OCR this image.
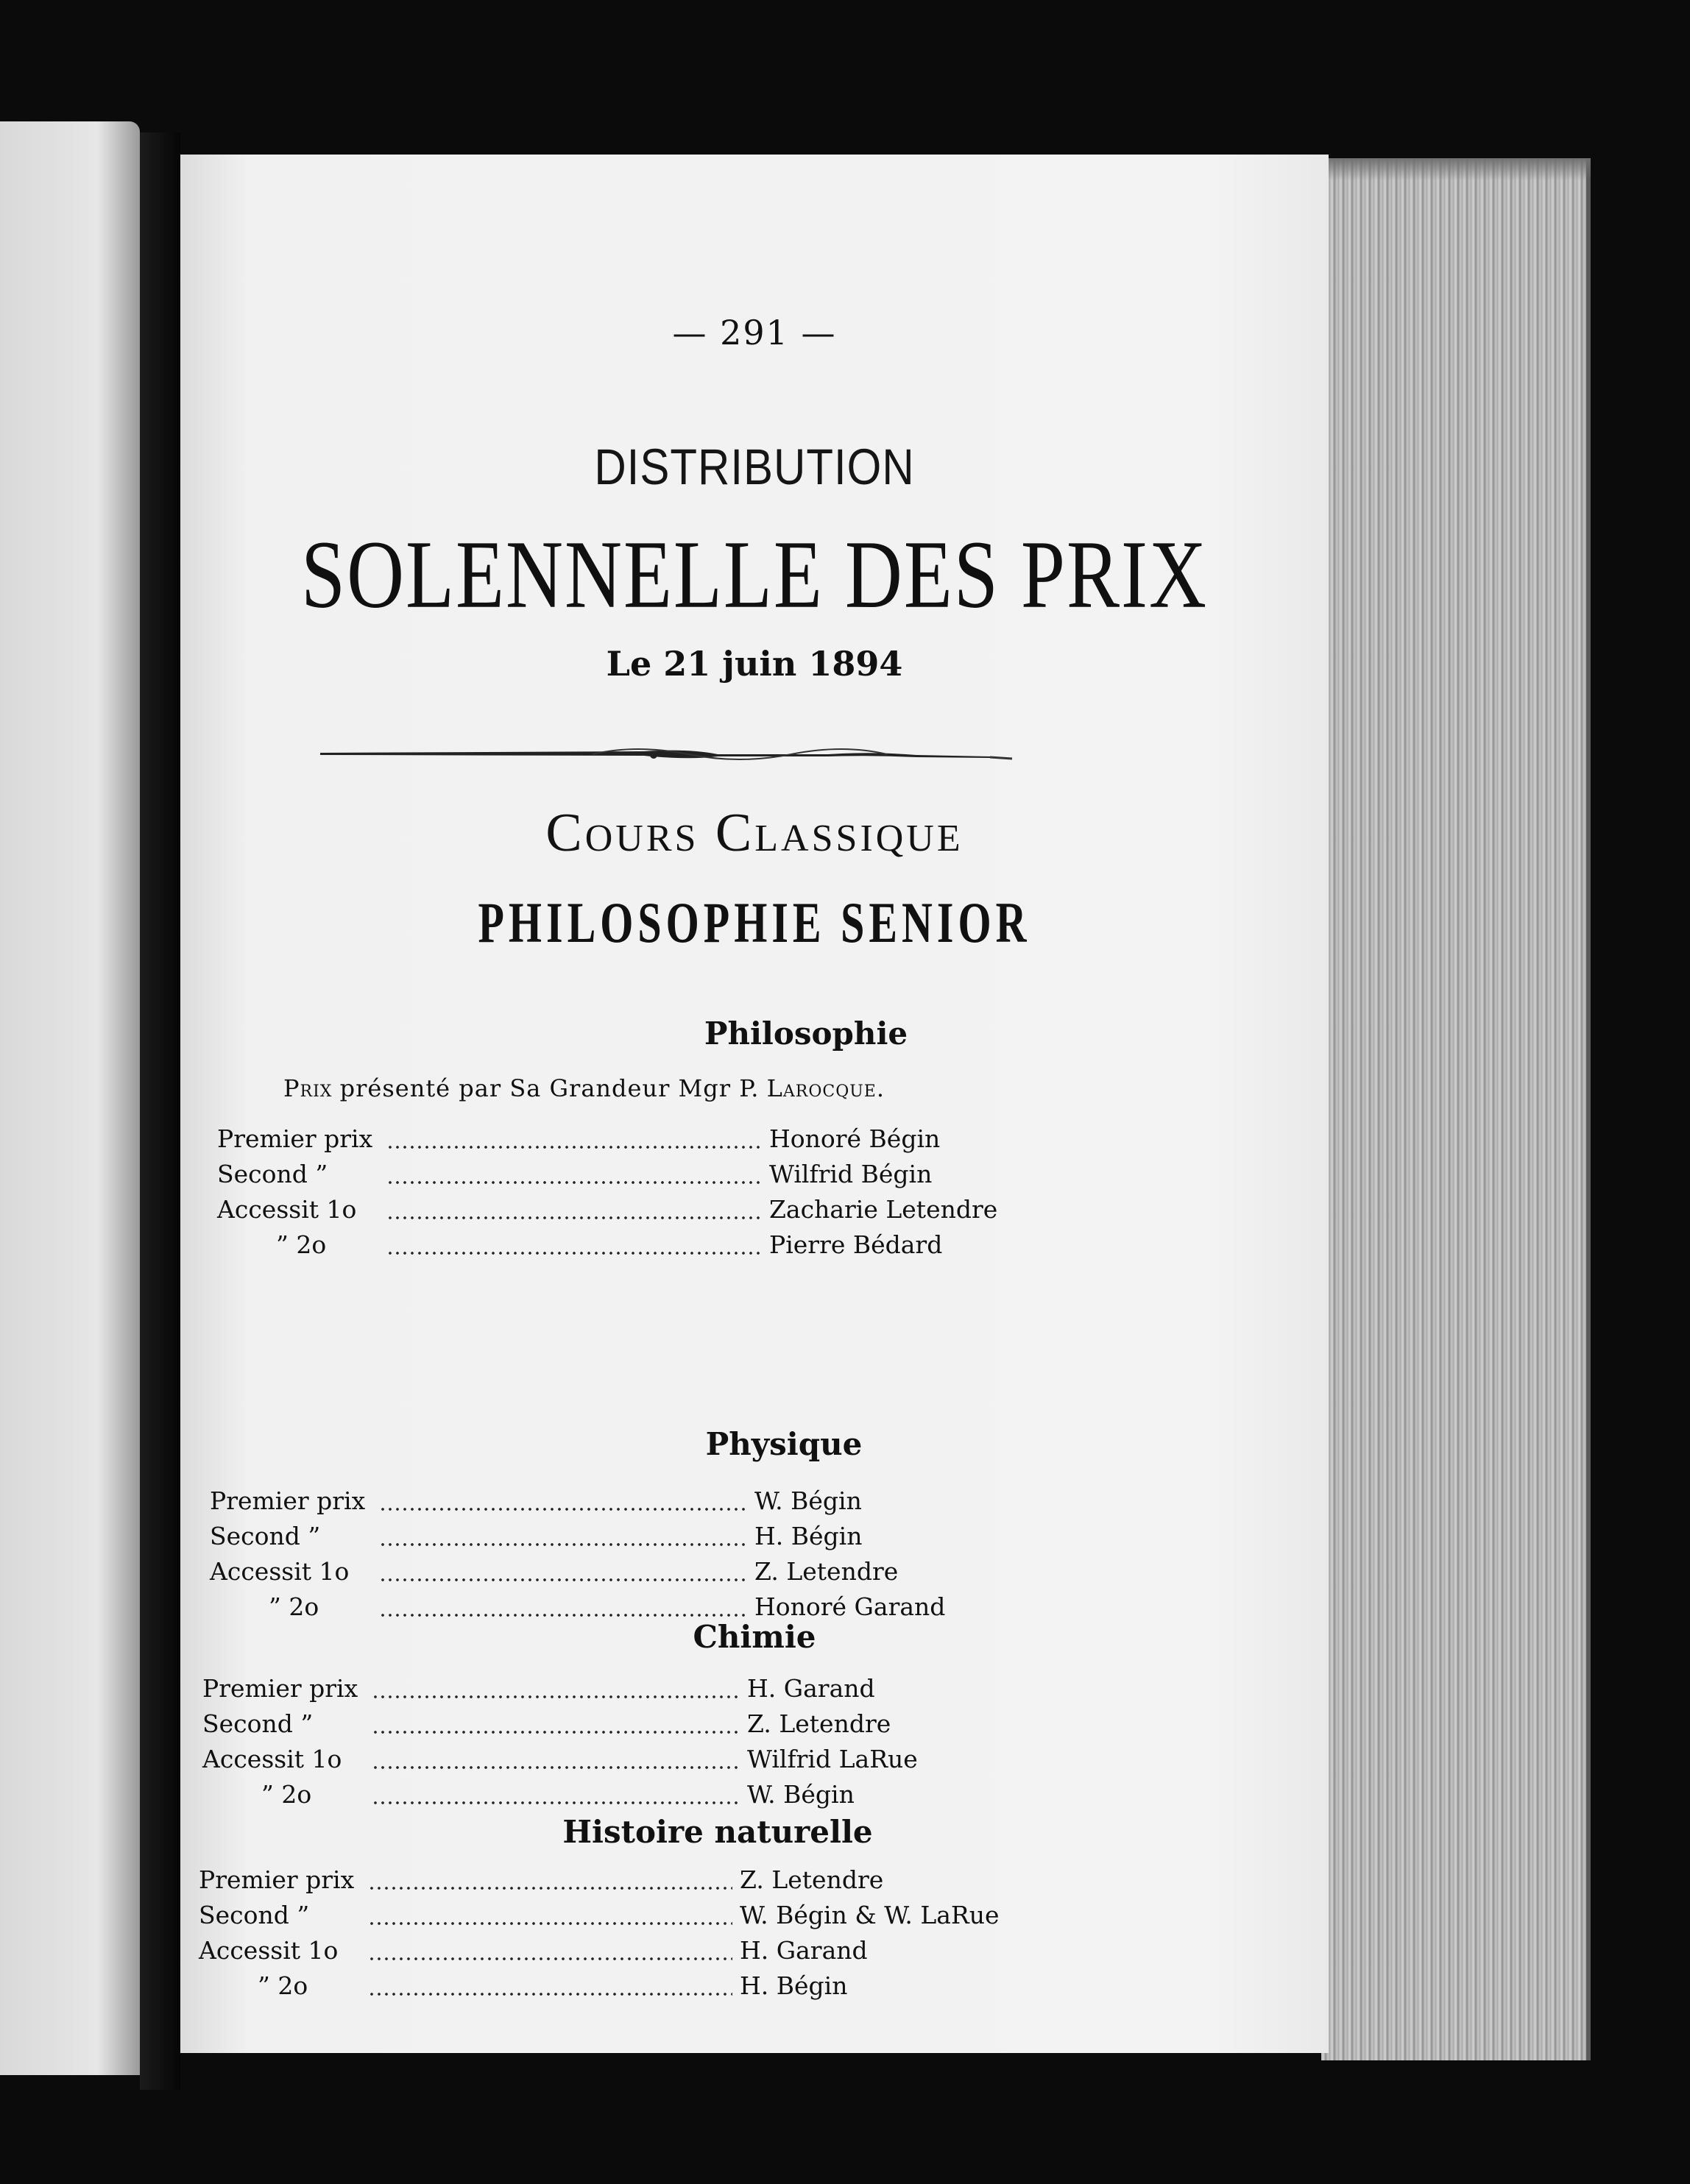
— 291 —
DISTRIBUTION
SOLENNELLE DES PRIX
Le 21 juin 1894
Cours Classique
PHILOSOPHIE SENIOR
Philosophie
Prix présenté par Sa Grandeur Mgr P. Larocque.
Premier prix	Honoré Bégin
Second ”	Wilfrid Bégin
Accessit 1o	Zacharie Letendre
” 2o	Pierre Bédard
Physique
Premier prix	W. Bégin
Second ”	H. Bégin
Accessit 1o	Z. Letendre
” 2o	Honoré Garand
Chimie
Premier prix	H. Garand
Second ”	Z. Letendre
Accessit 1o	Wilfrid LaRue
” 2o	W. Bégin
Histoire naturelle
Premier prix	Z. Letendre
Second ”	W. Bégin & W. LaRue
Accessit 1o	H. Garand
” 2o	H. Bégin
